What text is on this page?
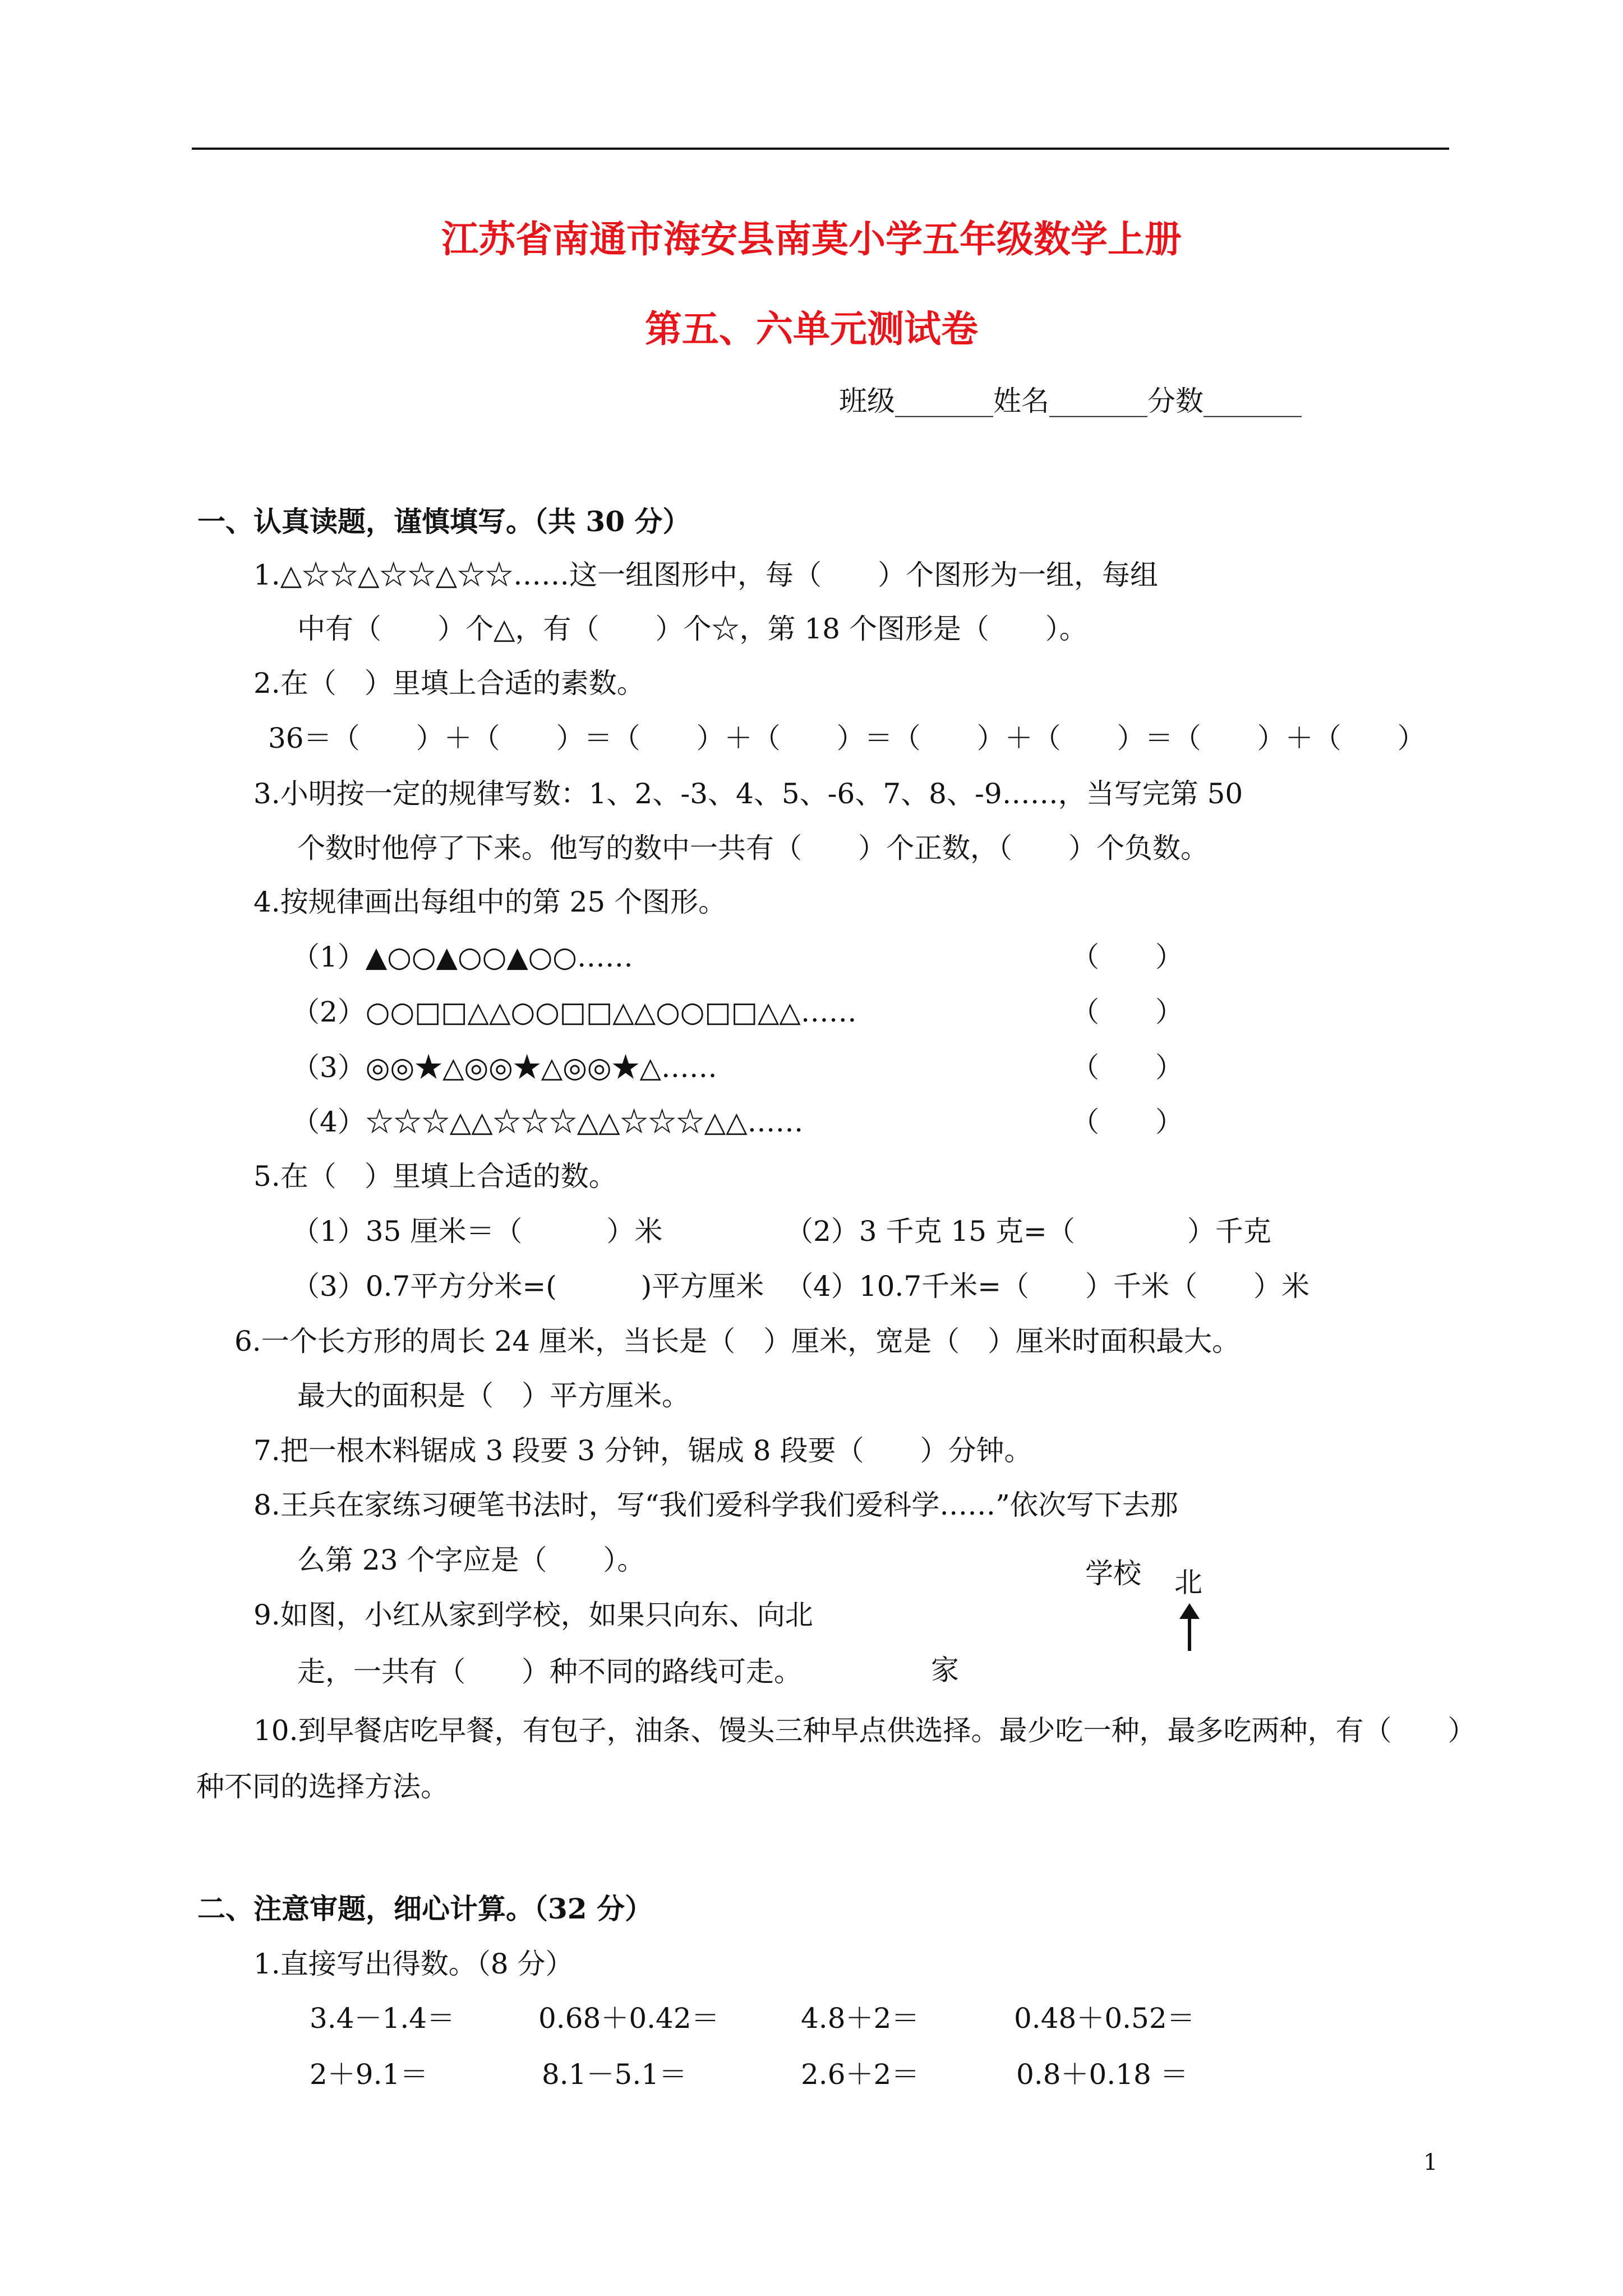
江苏省南通市海安县南莫小学五年级数学上册
第五、六单元测试卷
班级_______姓名_______分数_______
一、认真读题，谨慎填写。（共 30 分）
1.△☆☆△☆☆△☆☆……这一组图形中，每（　　）个图形为一组，每组
中有（　　）个△，有（　　）个☆，第 18 个图形是（　　）。
2.在（　）里填上合适的素数。
36＝（　　）＋（　　）＝（　　）＋（　　）＝（　　）＋（　　）＝（　　）＋（　　）
3.小明按一定的规律写数：1、2、-3、4、5、-6、7、8、-9……，当写完第 50
个数时他停了下来。他写的数中一共有（　　）个正数，（　　）个负数。
4.按规律画出每组中的第 25 个图形。
（1）▲○○▲○○▲○○……	（　　）
（2）○○□□△△○○□□△△○○□□△△……	（　　）
（3）◎◎★△◎◎★△◎◎★△……	（　　）
（4）☆☆☆△△☆☆☆△△☆☆☆△△……	（　　）
5.在（　）里填上合适的数。
（1）35 厘米＝（　　　）米	（2）3 千克 15 克=（　　　　）千克
（3）0.7平方分米=(　　　)平方厘米 （4）10.7千米=（　　）千米（　　）米
6.一个长方形的周长 24 厘米，当长是（　）厘米，宽是（　）厘米时面积最大。
最大的面积是（　）平方厘米。
7.把一根木料锯成 3 段要 3 分钟，锯成 8 段要（　　）分钟。
8.王兵在家练习硬笔书法时，写“我们爱科学我们爱科学……”依次写下去那
么第 23 个字应是（　　）。
9.如图，小红从家到学校，如果只向东、向北
走，一共有（　　）种不同的路线可走。
学校 北
家
10.到早餐店吃早餐，有包子，油条、馒头三种早点供选择。最少吃一种，最多吃两种，有（　　）
种不同的选择方法。
二、注意审题，细心计算。（32 分）
1.直接写出得数。（8 分）
3.4－1.4＝	0.68＋0.42＝	4.8＋2＝	0.48＋0.52＝
2＋9.1＝	8.1－5.1＝	2.6＋2＝	0.8＋0.18 ＝
1
